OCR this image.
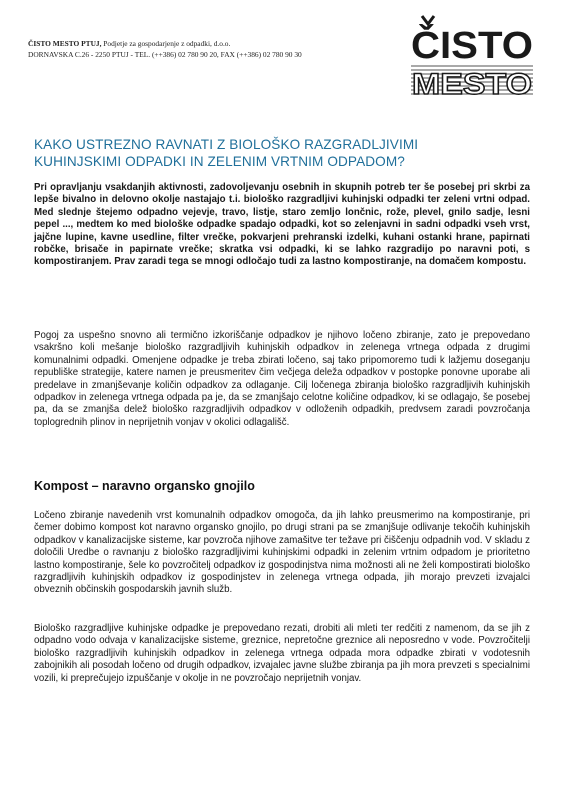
ČISTO MESTO PTUJ, Podjetje za gospodarjenje z odpadki, d.o.o.
DORNAVSKA C.26 - 2250 PTUJ - TEL. (++386) 02 780 90 20, FAX (++386) 02 780 90 30	ČISTO
MESTO
KAKO USTREZNO RAVNATI Z BIOLOŠKO RAZGRADLJIVIMI
KUHINJSKIMI ODPADKI IN ZELENIM VRTNIM ODPADOM?

Pri opravljanju vsakdanjih aktivnosti, zadovoljevanju osebnih in skupnih potreb ter še posebej pri skrbi za lepše bivalno in delovno okolje nastajajo t.i. biološko razgradljivi kuhinjski odpadki ter zeleni vrtni odpad. Med slednje štejemo odpadno vejevje, travo, listje, staro zemljo lončnic, rože, plevel, gnilo sadje, lesni pepel ..., medtem ko med biološke odpadke spadajo odpadki, kot so zelenjavni in sadni odpadki vseh vrst, jajčne lupine, kavne usedline, filter vrečke, pokvarjeni prehranski izdelki, kuhani ostanki hrane, papirnati robčke, brisače in papirnate vrečke; skratka vsi odpadki, ki se lahko razgradijo po naravni poti, s kompostiranjem. Prav zaradi tega se mnogi odločajo tudi za lastno kompostiranje, na domačem kompostu.

Pogoj za uspešno snovno ali termično izkoriščanje odpadkov je njihovo ločeno zbiranje, zato je prepovedano vsakršno koli mešanje biološko razgradljivih kuhinjskih odpadkov in zelenega vrtnega odpada z drugimi komunalnimi odpadki. Omenjene odpadke je treba zbirati ločeno, saj tako pripomoremo tudi k lažjemu doseganju republiške strategije, katere namen je preusmeritev čim večjega deleža odpadkov v postopke ponovne uporabe ali predelave in zmanjševanje količin odpadkov za odlaganje. Cilj ločenega zbiranja biološko razgradljivih kuhinjskih odpadkov in zelenega vrtnega odpada pa je, da se zmanjšajo celotne količine odpadkov, ki se odlagajo, še posebej pa, da se zmanjša delež biološko razgradljivih odpadkov v odloženih odpadkih, predvsem zaradi povzročanja toplogrednih plinov in neprijetnih vonjav v okolici odlagališč.

Kompost – naravno organsko gnojilo

Ločeno zbiranje navedenih vrst komunalnih odpadkov omogoča, da jih lahko preusmerimo na kompostiranje, pri čemer dobimo kompost kot naravno organsko gnojilo, po drugi strani pa se zmanjšuje odlivanje tekočih kuhinjskih odpadkov v kanalizacijske sisteme, kar povzroča njihove zamašitve ter težave pri čiščenju odpadnih vod. V skladu z določili Uredbe o ravnanju z biološko razgradljivimi kuhinjskimi odpadki in zelenim vrtnim odpadom je prioritetno lastno kompostiranje, šele ko povzročitelj odpadkov iz gospodinjstva nima možnosti ali ne želi kompostirati biološko razgradljivih kuhinjskih odpadkov iz gospodinjstev in zelenega vrtnega odpada, jih morajo prevzeti izvajalci obveznih občinskih gospodarskih javnih služb.

Biološko razgradljive kuhinjske odpadke je prepovedano rezati, drobiti ali mleti ter redčiti z namenom, da se jih z odpadno vodo odvaja v kanalizacijske sisteme, greznice, nepretočne greznice ali neposredno v vode. Povzročitelji biološko razgradljivih kuhinjskih odpadkov in zelenega vrtnega odpada mora odpadke zbirati v vodotesnih zabojnikih ali posodah ločeno od drugih odpadkov, izvajalec javne službe zbiranja pa jih mora prevzeti s specialnimi vozili, ki preprečujejo izpuščanje v okolje in ne povzročajo neprijetnih vonjav.
